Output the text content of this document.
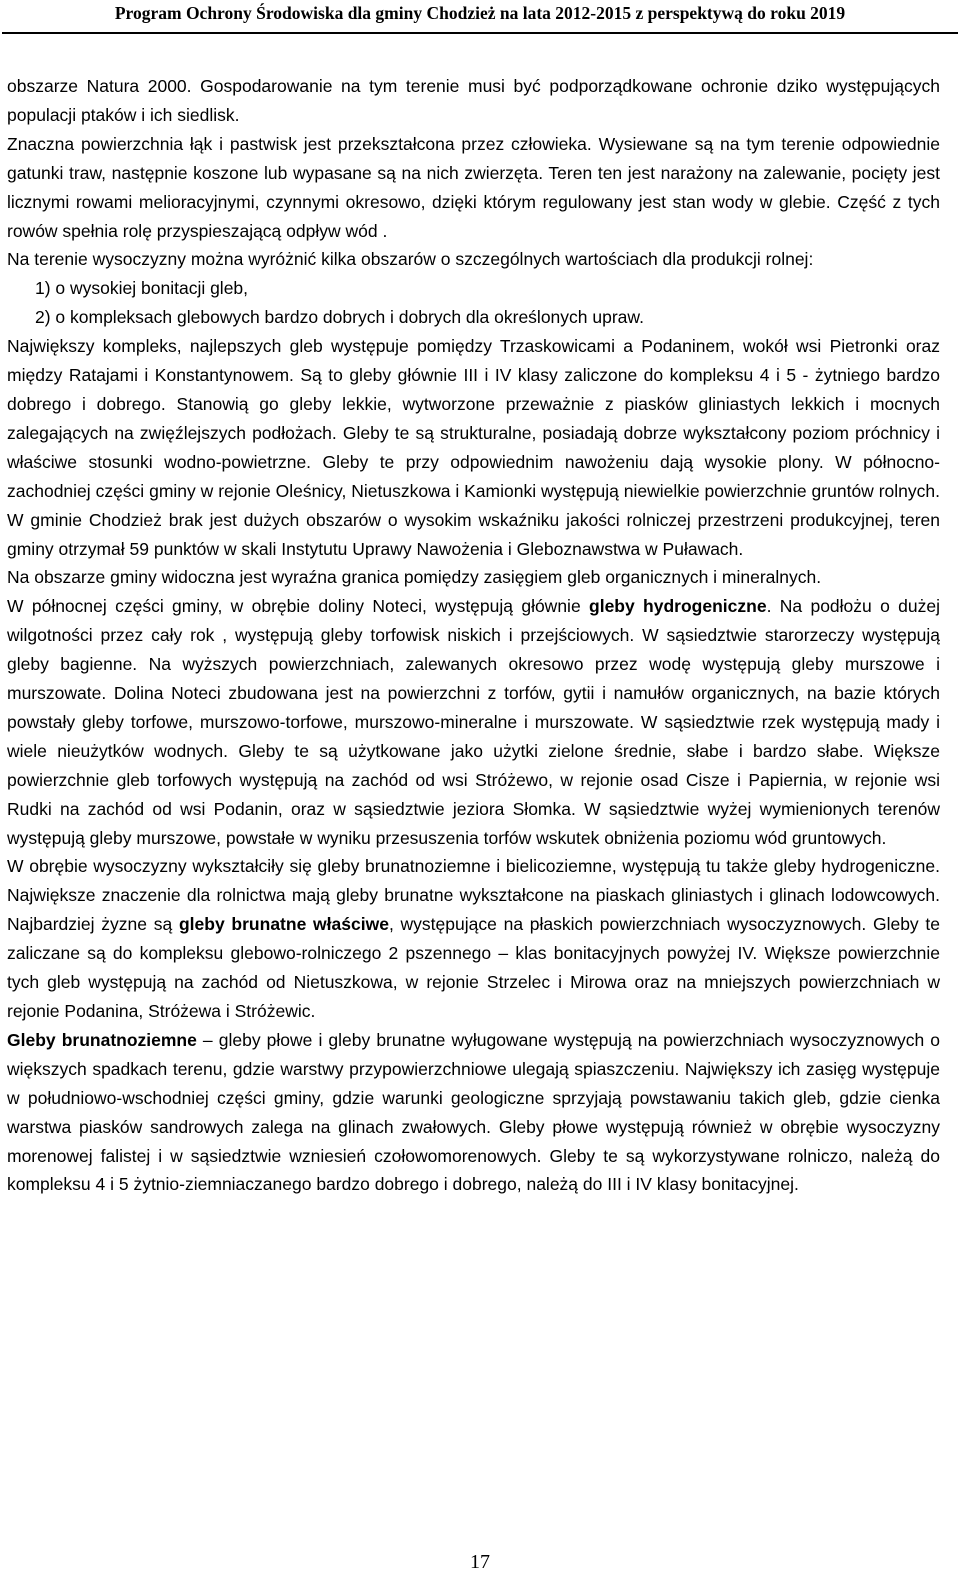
Program Ochrony Środowiska dla gminy Chodzież na lata 2012-2015 z perspektywą do roku 2019

obszarze Natura 2000. Gospodarowanie na tym terenie musi być podporządkowane ochronie dziko występujących populacji ptaków i ich siedlisk.

Znaczna powierzchnia łąk i pastwisk jest przekształcona przez człowieka. Wysiewane są na tym terenie odpowiednie gatunki traw, następnie koszone lub wypasane są na nich zwierzęta. Teren ten jest narażony na zalewanie, pocięty jest licznymi rowami melioracyjnymi, czynnymi okresowo, dzięki którym regulowany jest stan wody w glebie. Część z tych rowów spełnia rolę przyspieszającą odpływ wód .

Na terenie wysoczyzny można wyróżnić kilka obszarów o szczególnych wartościach dla produkcji rolnej:

1) o wysokiej bonitacji gleb,

2) o kompleksach glebowych bardzo dobrych i dobrych dla określonych upraw.

Największy kompleks, najlepszych gleb występuje pomiędzy Trzaskowicami a Podaninem, wokół wsi Pietronki oraz między Ratajami i Konstantynowem. Są to gleby głównie III i IV klasy zaliczone do kompleksu 4 i 5 - żytniego bardzo dobrego i dobrego. Stanowią go gleby lekkie, wytworzone przeważnie z piasków gliniastych lekkich i mocnych zalegających na zwięźlejszych podłożach. Gleby te są strukturalne, posiadają dobrze wykształcony poziom próchnicy i właściwe stosunki wodno-powietrzne. Gleby te przy odpowiednim nawożeniu dają wysokie plony. W północno-zachodniej części gminy w rejonie Oleśnicy, Nietuszkowa i Kamionki występują niewielkie powierzchnie gruntów rolnych. W gminie Chodzież brak jest dużych obszarów o wysokim wskaźniku jakości rolniczej przestrzeni produkcyjnej, teren gminy otrzymał 59 punktów w skali Instytutu Uprawy Nawożenia i Gleboznawstwa w Puławach.

Na obszarze gminy widoczna jest wyraźna granica pomiędzy zasięgiem gleb organicznych i mineralnych.

W północnej części gminy, w obrębie doliny Noteci, występują głównie gleby hydrogeniczne. Na podłożu o dużej wilgotności przez cały rok , występują gleby torfowisk niskich i przejściowych. W sąsiedztwie starorzeczy występują gleby bagienne. Na wyższych powierzchniach, zalewanych okresowo przez wodę występują gleby murszowe i murszowate. Dolina Noteci zbudowana jest na powierzchni z torfów, gytii i namułów organicznych, na bazie których powstały gleby torfowe, murszowo-torfowe, murszowo-mineralne i murszowate. W sąsiedztwie rzek występują mady i wiele nieużytków wodnych. Gleby te są użytkowane jako użytki zielone średnie, słabe i bardzo słabe. Większe powierzchnie gleb torfowych występują na zachód od wsi Stróżewo, w rejonie osad Cisze i Papiernia, w rejonie wsi Rudki na zachód od wsi Podanin, oraz w sąsiedztwie jeziora Słomka. W sąsiedztwie wyżej wymienionych terenów występują gleby murszowe, powstałe w wyniku przesuszenia torfów wskutek obniżenia poziomu wód gruntowych.

W obrębie wysoczyzny wykształciły się gleby brunatnoziemne i bielicoziemne, występują tu także gleby hydrogeniczne. Największe znaczenie dla rolnictwa mają gleby brunatne wykształcone na piaskach gliniastych i glinach lodowcowych. Najbardziej żyzne są gleby brunatne właściwe, występujące na płaskich powierzchniach wysoczyznowych. Gleby te zaliczane są do kompleksu glebowo-rolniczego 2 pszennego – klas bonitacyjnych powyżej IV. Większe powierzchnie tych gleb występują na zachód od Nietuszkowa, w rejonie Strzelec i Mirowa oraz na mniejszych powierzchniach w rejonie Podanina, Stróżewa i Stróżewic.

Gleby brunatnoziemne – gleby płowe i gleby brunatne wyługowane występują na powierzchniach wysoczyznowych o większych spadkach terenu, gdzie warstwy przypowierzchniowe ulegają spiaszczeniu. Największy ich zasięg występuje w południowo-wschodniej części gminy, gdzie warunki geologiczne sprzyjają powstawaniu takich gleb, gdzie cienka warstwa piasków sandrowych zalega na glinach zwałowych. Gleby płowe występują również w obrębie wysoczyzny morenowej falistej i w sąsiedztwie wzniesień czołowomorenowych. Gleby te są wykorzystywane rolniczo, należą do kompleksu 4 i 5 żytnio-ziemniaczanego bardzo dobrego i dobrego, należą do III i IV klasy bonitacyjnej.

17
